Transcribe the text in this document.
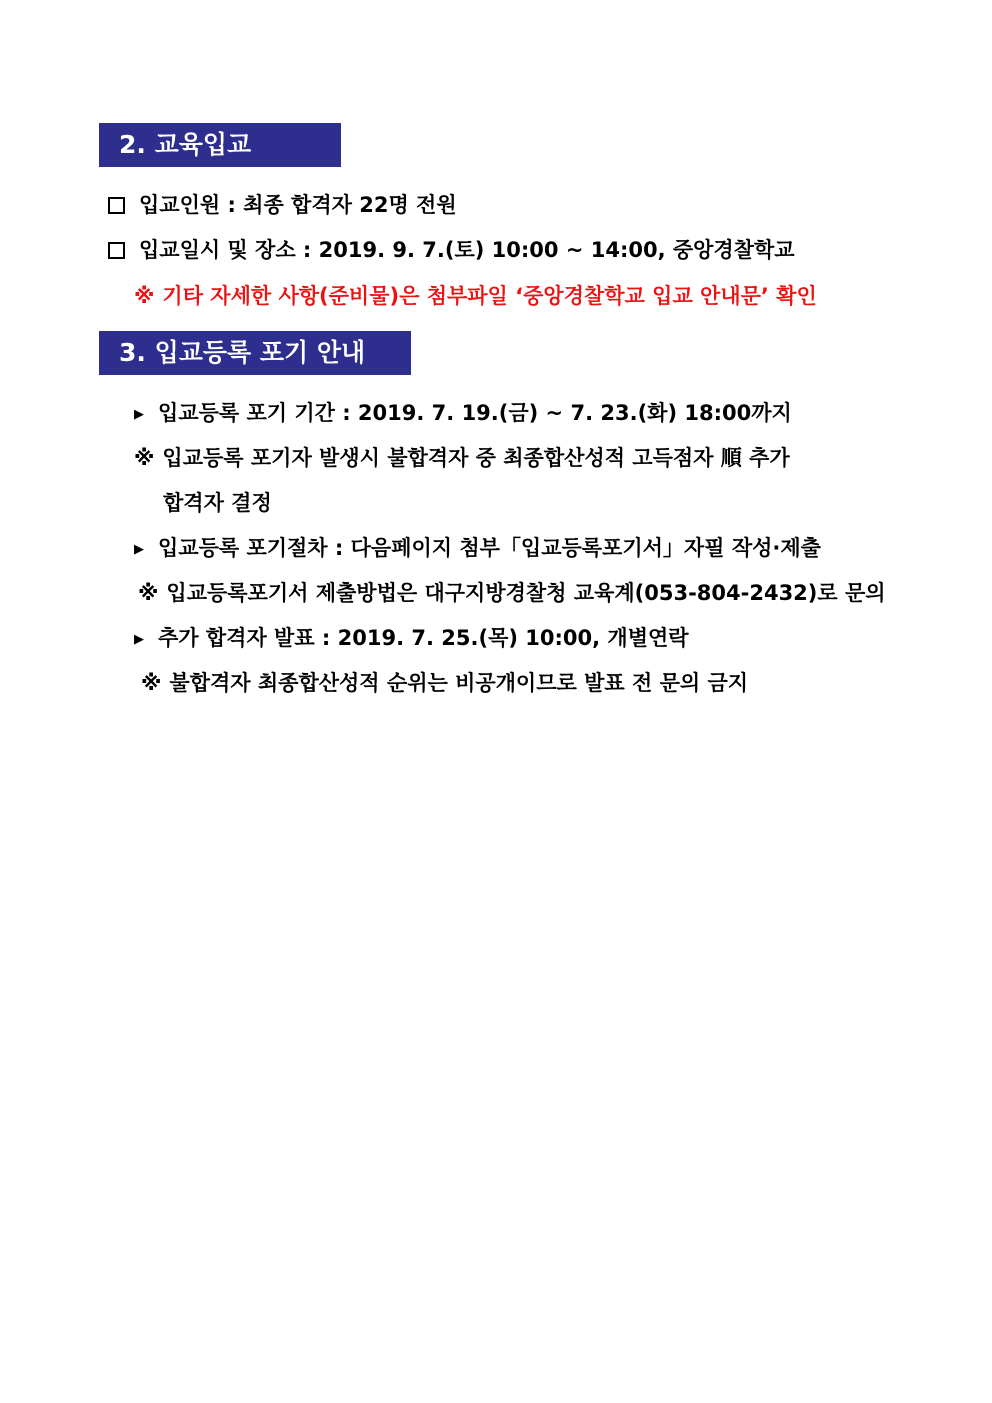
2. 교육입교
입교인원 : 최종 합격자 22명 전원
입교일시 및 장소 : 2019. 9. 7.(토) 10:00 ~ 14:00, 중앙경찰학교
※ 기타 자세한 사항(준비물)은 첨부파일 ‘중앙경찰학교 입교 안내문’ 확인
3. 입교등록 포기 안내
▶ 입교등록 포기 기간 : 2019. 7. 19.(금) ~ 7. 23.(화) 18:00까지
※ 입교등록 포기자 발생시 불합격자 중 최종합산성적 고득점자 順 추가
합격자 결정
▶ 입교등록 포기절차 : 다음페이지 첨부「입교등록포기서」자필 작성·제출
※ 입교등록포기서 제출방법은 대구지방경찰청 교육계(053-804-2432)로 문의
▶ 추가 합격자 발표 : 2019. 7. 25.(목) 10:00, 개별연락
※ 불합격자 최종합산성적 순위는 비공개이므로 발표 전 문의 금지
